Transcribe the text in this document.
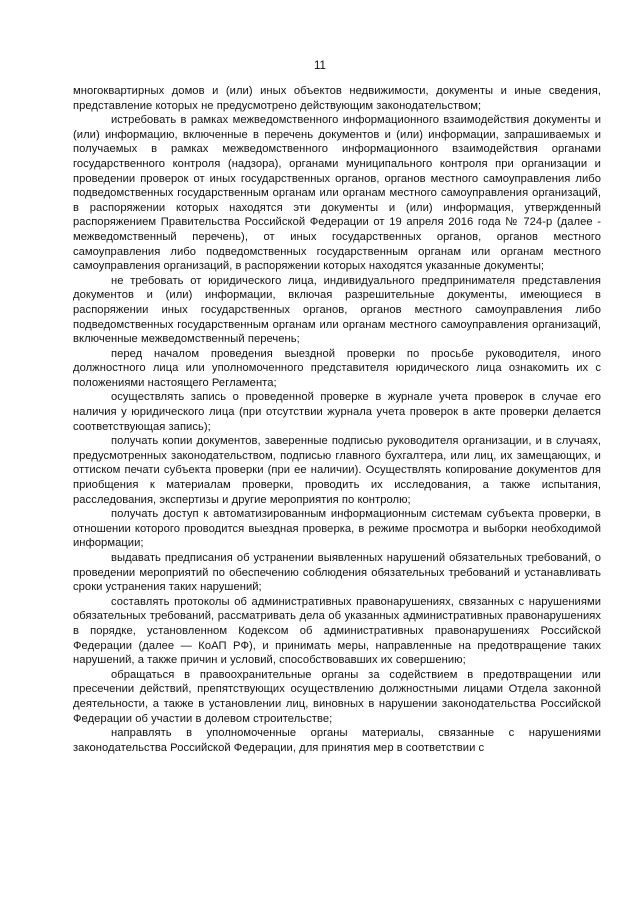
11

многоквартирных домов и (или) иных объектов недвижимости, документы и иные сведения, представление которых не предусмотрено действующим законодательством;

истребовать в рамках межведомственного информационного взаимодействия документы и (или) информацию, включенные в перечень документов и (или) информации, запрашиваемых и получаемых в рамках межведомственного информационного взаимодействия органами государственного контроля (надзора), органами муниципального контроля при организации и проведении проверок от иных государственных органов, органов местного самоуправления либо подведомственных государственным органам или органам местного самоуправления организаций, в распоряжении которых находятся эти документы и (или) информация, утвержденный распоряжением Правительства Российской Федерации от 19 апреля 2016 года № 724-р (далее - межведомственный перечень), от иных государственных органов, органов местного самоуправления либо подведомственных государственным органам или органам местного самоуправления организаций, в распоряжении которых находятся указанные документы;

не требовать от юридического лица, индивидуального предпринимателя представления документов и (или) информации, включая разрешительные документы, имеющиеся в распоряжении иных государственных органов, органов местного самоуправления либо подведомственных государственным органам или органам местного самоуправления организаций, включенные межведомственный перечень;

перед началом проведения выездной проверки по просьбе руководителя, иного должностного лица или уполномоченного представителя юридического лица ознакомить их с положениями настоящего Регламента;

осуществлять запись о проведенной проверке в журнале учета проверок в случае его наличия у юридического лица (при отсутствии журнала учета проверок в акте проверки делается соответствующая запись);

получать копии документов, заверенные подписью руководителя организации, и в случаях, предусмотренных законодательством, подписью главного бухгалтера, или лиц, их замещающих, и оттиском печати субъекта проверки (при ее наличии). Осуществлять копирование документов для приобщения к материалам проверки, проводить их исследования, а также испытания, расследования, экспертизы и другие мероприятия по контролю;

получать доступ к автоматизированным информационным системам субъекта проверки, в отношении которого проводится выездная проверка, в режиме просмотра и выборки необходимой информации;

выдавать предписания об устранении выявленных нарушений обязательных требований, о проведении мероприятий по обеспечению соблюдения обязательных требований и устанавливать сроки устранения таких нарушений;

составлять протоколы об административных правонарушениях, связанных с нарушениями обязательных требований, рассматривать дела об указанных административных правонарушениях в порядке, установленном Кодексом об административных правонарушениях Российской Федерации (далее — КоАП РФ), и принимать меры, направленные на предотвращение таких нарушений, а также причин и условий, способствовавших их совершению;

обращаться в правоохранительные органы за содействием в предотвращении или пресечении действий, препятствующих осуществлению должностными лицами Отдела законной деятельности, а также в установлении лиц, виновных в нарушении законодательства Российской Федерации об участии в долевом строительстве;

направлять в уполномоченные органы материалы, связанные с нарушениями законодательства Российской Федерации, для принятия мер в соответствии с
